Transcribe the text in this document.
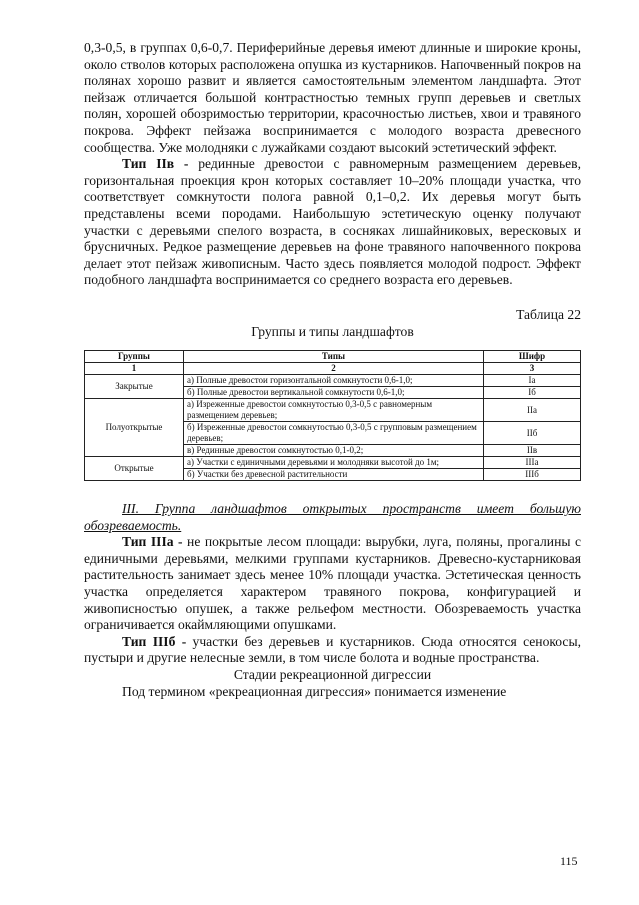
0,3-0,5, в группах 0,6-0,7. Периферийные деревья имеют длинные и широкие кроны, около стволов которых расположена опушка из кустарников. Напочвенный покров на полянах хорошо развит и является самостоятельным элементом ландшафта. Этот пейзаж отличается большой контрастностью темных групп деревьев и светлых полян, хорошей обозримостью территории, красочностью листьев, хвои и травяного покрова. Эффект пейзажа воспринимается с молодого возраста древесного сообщества. Уже молодняки с лужайками создают высокий эстетический эффект.

Тип IIв - рединные древостои с равномерным размещением деревьев, горизонтальная проекция крон которых составляет 10–20% площади участка, что соответствует сомкнутости полога равной 0,1–0,2. Их деревья могут быть представлены всеми породами. Наибольшую эстетическую оценку получают участки с деревьями спелого возраста, в сосняках лишайниковых, вересковых и брусничных. Редкое размещение деревьев на фоне травяного напочвенного покрова делает этот пейзаж живописным. Часто здесь появляется молодой подрост. Эффект подобного ландшафта воспринимается со среднего возраста его деревьев.

Таблица 22

Группы и типы ландшафтов

Группы	Типы	Шифр
1	2	3
Закрытые	а) Полные древостои горизонтальной сомкнутости 0,6-1,0;	Iа
	б) Полные древостои вертикальной сомкнутости 0,6-1,0;	Iб
Полуоткрытые	а) Изреженные древостои сомкнутостью 0,3-0,5 с равномерным размещением деревьев;	IIа
	б) Изреженные древостои сомкнутостью 0,3-0,5 с групповым размещением деревьев;	IIб
	в) Рединные древостои сомкнутостью 0,1-0,2;	IIв
Открытые	а) Участки с единичными деревьями и молодняки высотой до 1м;	IIIа
	б) Участки без древесной растительности	IIIб

III. Группа ландшафтов открытых пространств имеет большую обозреваемость.

Тип IIIа - не покрытые лесом площади: вырубки, луга, поляны, прогалины с единичными деревьями, мелкими группами кустарников. Древесно-кустарниковая растительность занимает здесь менее 10% площади участка. Эстетическая ценность участка определяется характером травяного покрова, конфигурацией и живописностью опушек, а также рельефом местности. Обозреваемость участка ограничивается окаймляющими опушками.

Тип IIIб - участки без деревьев и кустарников. Сюда относятся сенокосы, пустыри и другие нелесные земли, в том числе болота и водные пространства.

Стадии рекреационной дигрессии

Под термином «рекреационная дигрессия» понимается изменение

115
